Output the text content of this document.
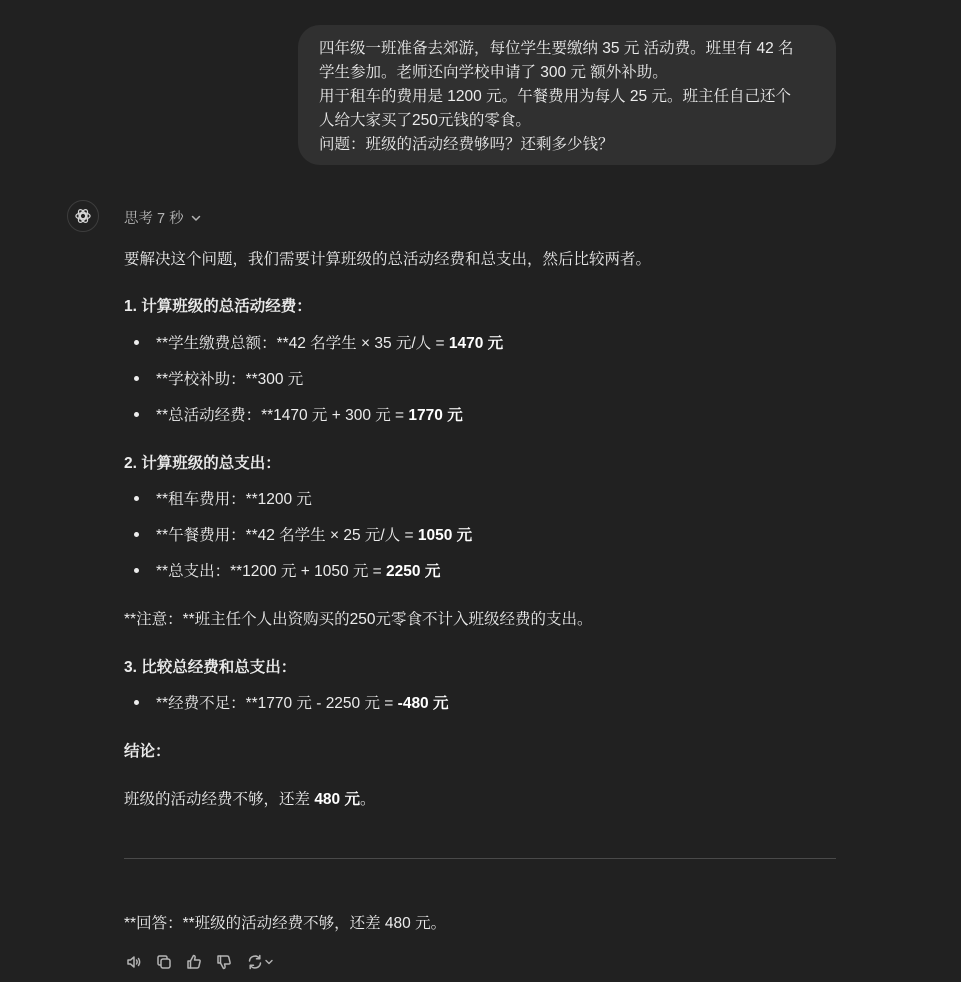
四年级一班准备去郊游，每位学生要缴纳 35 元 活动费。班里有 42 名
学生参加。老师还向学校申请了 300 元 额外补助。
用于租车的费用是 1200 元。午餐费用为每人 25 元。班主任自己还个
人给大家买了250元钱的零食。
问题：班级的活动经费够吗？还剩多少钱？
思考 7 秒
要解决这个问题，我们需要计算班级的总活动经费和总支出，然后比较两者。
1. 计算班级的总活动经费：
**学生缴费总额：**42 名学生 × 35 元/人 = 1470 元
**学校补助：**300 元
**总活动经费：**1470 元 + 300 元 = 1770 元
2. 计算班级的总支出：
**租车费用：**1200 元
**午餐费用：**42 名学生 × 25 元/人 = 1050 元
**总支出：**1200 元 + 1050 元 = 2250 元
**注意：**班主任个人出资购买的250元零食不计入班级经费的支出。
3. 比较总经费和总支出：
**经费不足：**1770 元 - 2250 元 = -480 元
结论：
班级的活动经费不够，还差 480 元。
**回答：**班级的活动经费不够，还差 480 元。
